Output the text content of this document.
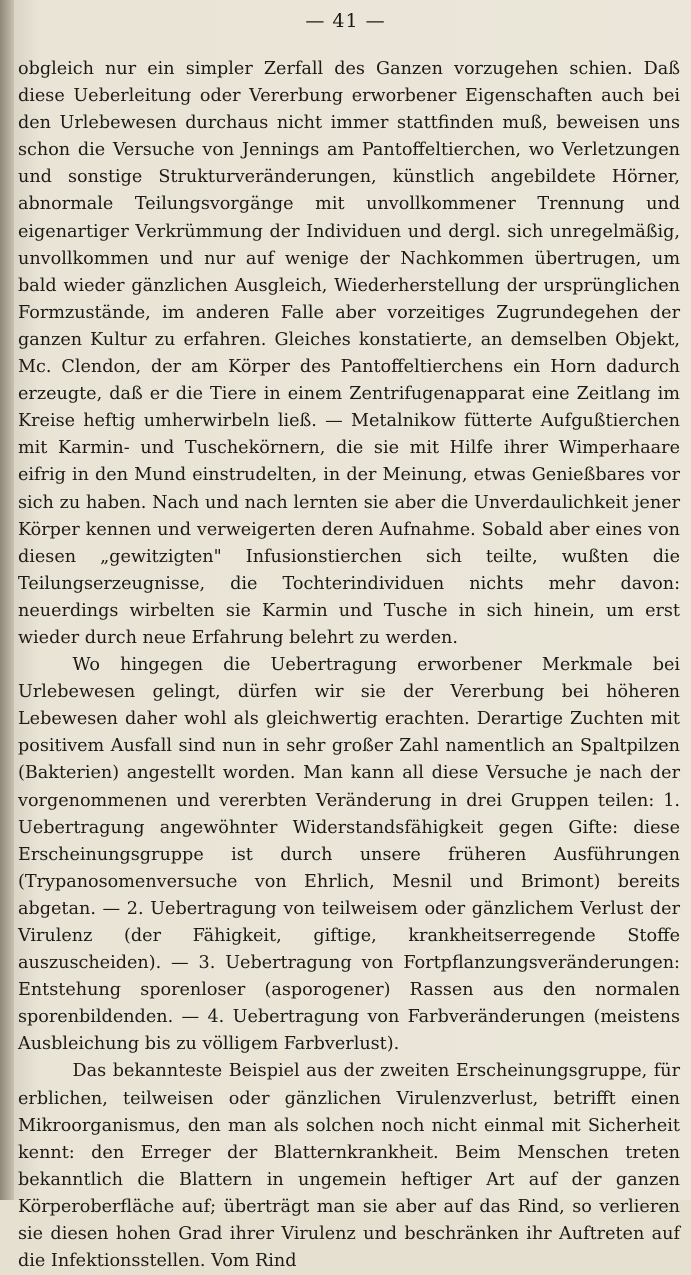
— 41 —

obgleich nur ein simpler Zerfall des Ganzen vorzugehen schien. Daß diese Ueberleitung oder Vererbung erworbener Eigenschaften auch bei den Urlebewesen durchaus nicht immer stattfinden muß, beweisen uns schon die Versuche von Jennings am Pantoffeltierchen, wo Verletzungen und sonstige Strukturveränderungen, künstlich angebildete Hörner, abnormale Teilungsvorgänge mit unvollkommener Trennung und eigenartiger Verkrümmung der Individuen und dergl. sich unregelmäßig, unvollkommen und nur auf wenige der Nachkommen übertrugen, um bald wieder gänzlichen Ausgleich, Wiederherstellung der ursprünglichen Formzustände, im anderen Falle aber vorzeitiges Zugrundegehen der ganzen Kultur zu erfahren. Gleiches konstatierte, an demselben Objekt, Mc. Clendon, der am Körper des Pantoffeltierchens ein Horn dadurch erzeugte, daß er die Tiere in einem Zentrifugenapparat eine Zeitlang im Kreise heftig umherwirbeln ließ. — Metalnikow fütterte Aufgußtierchen mit Karmin- und Tuschekörnern, die sie mit Hilfe ihrer Wimperhaare eifrig in den Mund einstrudelten, in der Meinung, etwas Genießbares vor sich zu haben. Nach und nach lernten sie aber die Unverdaulichkeit jener Körper kennen und verweigerten deren Aufnahme. Sobald aber eines von diesen „gewitzigten" Infusionstierchen sich teilte, wußten die Teilungserzeugnisse, die Tochterindividuen nichts mehr davon: neuerdings wirbelten sie Karmin und Tusche in sich hinein, um erst wieder durch neue Erfahrung belehrt zu werden.

Wo hingegen die Uebertragung erworbener Merkmale bei Urlebewesen gelingt, dürfen wir sie der Vererbung bei höheren Lebewesen daher wohl als gleichwertig erachten. Derartige Zuchten mit positivem Ausfall sind nun in sehr großer Zahl namentlich an Spaltpilzen (Bakterien) angestellt worden. Man kann all diese Versuche je nach der vorgenommenen und vererbten Veränderung in drei Gruppen teilen: 1. Uebertragung angewöhnter Widerstandsfähigkeit gegen Gifte: diese Erscheinungsgruppe ist durch unsere früheren Ausführungen (Trypanosomenversuche von Ehrlich, Mesnil und Brimont) bereits abgetan. — 2. Uebertragung von teilweisem oder gänzlichem Verlust der Virulenz (der Fähigkeit, giftige, krankheitserregende Stoffe auszuscheiden). — 3. Uebertragung von Fortpflanzungsveränderungen: Entstehung sporenloser (asporogener) Rassen aus den normalen sporenbildenden. — 4. Uebertragung von Farbveränderungen (meistens Ausbleichung bis zu völligem Farbverlust).

Das bekannteste Beispiel aus der zweiten Erscheinungsgruppe, für erblichen, teilweisen oder gänzlichen Virulenzverlust, betrifft einen Mikroorganismus, den man als solchen noch nicht einmal mit Sicherheit kennt: den Erreger der Blatternkrankheit. Beim Menschen treten bekanntlich die Blattern in ungemein heftiger Art auf der ganzen Körperoberfläche auf; überträgt man sie aber auf das Rind, so verlieren sie diesen hohen Grad ihrer Virulenz und beschränken ihr Auftreten auf die Infektionsstellen. Vom Rind
